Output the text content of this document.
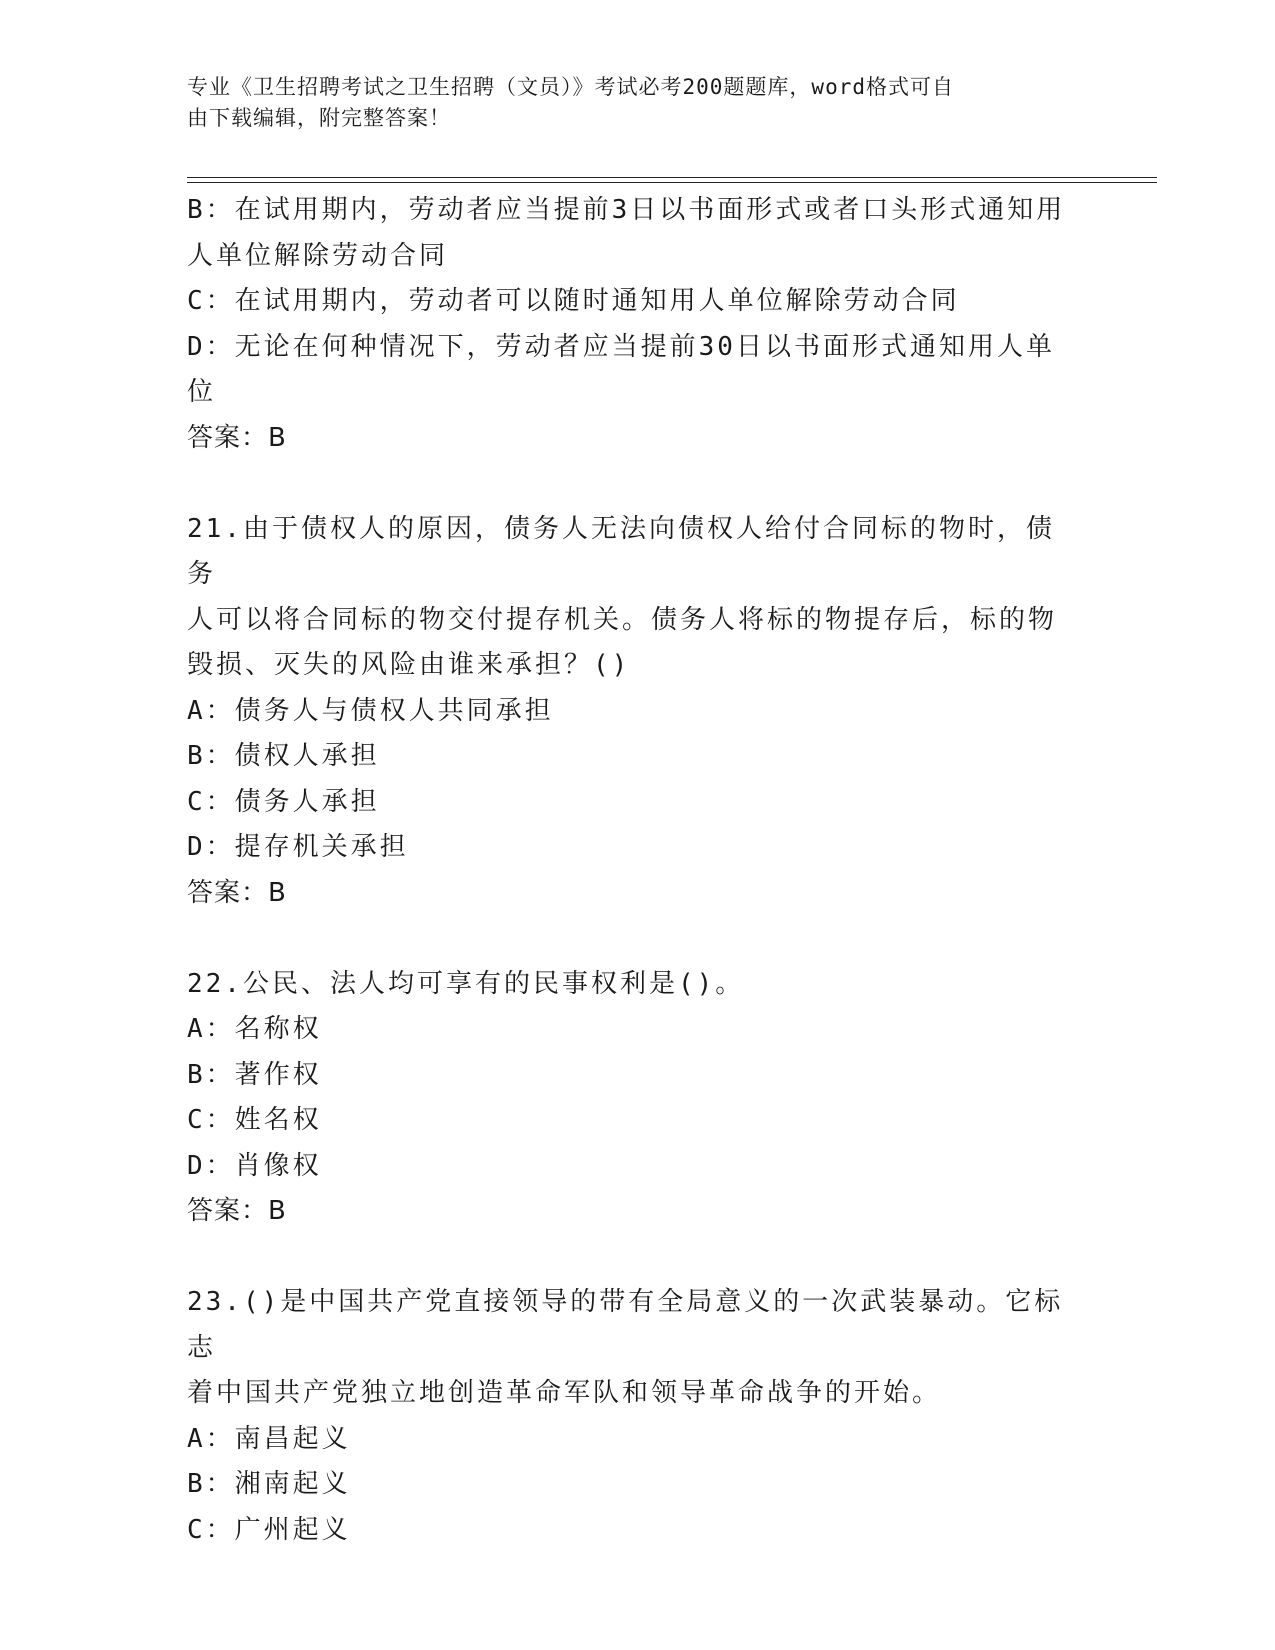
专业《卫生招聘考试之卫生招聘（文员）》考试必考200题题库，word格式可自
由下载编辑，附完整答案！
B：在试用期内，劳动者应当提前3日以书面形式或者口头形式通知用
人单位解除劳动合同
C：在试用期内，劳动者可以随时通知用人单位解除劳动合同
D：无论在何种情况下，劳动者应当提前30日以书面形式通知用人单
位
答案：B
21.由于债权人的原因，债务人无法向债权人给付合同标的物时，债务
人可以将合同标的物交付提存机关。债务人将标的物提存后，标的物
毁损、灭失的风险由谁来承担？()
A：债务人与债权人共同承担
B：债权人承担
C：债务人承担
D：提存机关承担
答案：B
22.公民、法人均可享有的民事权利是()。
A：名称权
B：著作权
C：姓名权
D：肖像权
答案：B
23.()是中国共产党直接领导的带有全局意义的一次武装暴动。它标志
着中国共产党独立地创造革命军队和领导革命战争的开始。
A：南昌起义
B：湘南起义
C：广州起义
